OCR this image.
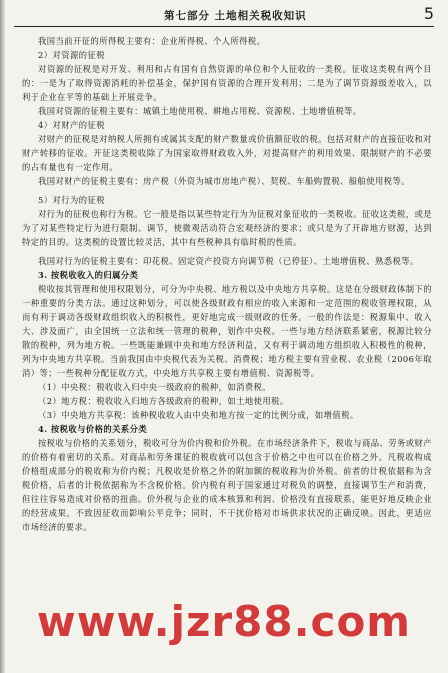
第七部分 土地相关税收知识	5

我国当前开征的所得税主要有：企业所得税、个人所得税。

2）对资源的征税

对资源的征税是对开发、利用和占有国有自然资源的单位和个人征收的一类税。征收这类税有两个目的：一是为了取得资源消耗的补偿基金，保护国有资源的合理开发利用；二是为了调节资源级差收入，以利于企业在平等的基础上开展竞争。

我国对资源的征税主要有：城镇土地使用税、耕地占用税、资源税、土地增值税等。

4）对财产的征税

对财产的征税是对纳税人所拥有或属其支配的财产数量或价值额征收的税。包括对财产的直接征收和对财产转移的征收。开征这类税收除了为国家取得财政收入外，对提高财产的利用效果、限制财产的不必要的占有量也有一定作用。

我国对财产的征税主要有：房产税（外资为城市房地产税）、契税、车船购置税、船舶使用税等。

5）对行为的征税

对行为的征税也称行为税。它一般是指以某些特定行为为征税对象征收的一类税收。征收这类税，或是为了对某些特定行为进行限制、调节，使微观活动符合宏观经济的要求；或只是为了开辟地方财源，达到特定的目的。这类税的设置比较灵活，其中有些税种具有临时税的性质。

我国对行为的征税主要有：印花税、固定资产投资方向调节税（已停征）、土地增值税、熟悉税等。

3. 按税收收入的归属分类

税收按其管理和使用权限划分，可分为中央税、地方税以及中央地方共享税。这是在分级财政体制下的一种重要的分类方法。通过这种划分，可以使各级财政有相应的收入来源和一定范围的税收管理权限，从而有利于调动各级财政组织收入的积极性，更好地完成一级财政的任务。一般的作法是：税源集中、收入大、涉及面广，由全国统一立法和统一管理的税种，划作中央税。一些与地方经济联系紧密，税源比较分散的税种，列为地方税。一些既能兼顾中央和地方经济利益，又有利于调动地方组织收入积极性的税种，列为中央地方共享税。当前我国由中央税代表为关税、消费税；地方税主要有营业税、农业税（2006年取消）等；一些税种分配征收方式，中央地方共享税主要有增值税、资源税等。

（1）中央税：税收收入归中央一级政府的税种，如消费税。

（2）地方税：税收收入归地方各级政府的税种，如土地使用税。

（3）中央地方共享税：该种税收收入由中央和地方按一定的比例分成，如增值税。

4. 按税收与价格的关系分类

按税收与价格的关系划分，税收可分为价内税和价外税。在市场经济条件下，税收与商品、劳务或财产的价格有着密切的关系。对商品和劳务课征的税收就可以包含于价格之中也可以在价格之外。凡税收构成价格组成部分的税收称为价内税；凡税收是价格之外的附加额的税收称为价外税。前者的计税依据称为含税价格，后者的计税依据称为不含税价格。价内税有利于国家通过对税负的调整，直接调节生产和消费，但往往容易造成对价格的扭曲。价外税与企业的成本核算和利润、价格没有直接联系，能更好地反映企业的经营成果，不致因征收而影响公平竞争；同时，不干扰价格对市场供求状况的正确反映。因此，更适应市场经济的要求。

www.jzr88.com
